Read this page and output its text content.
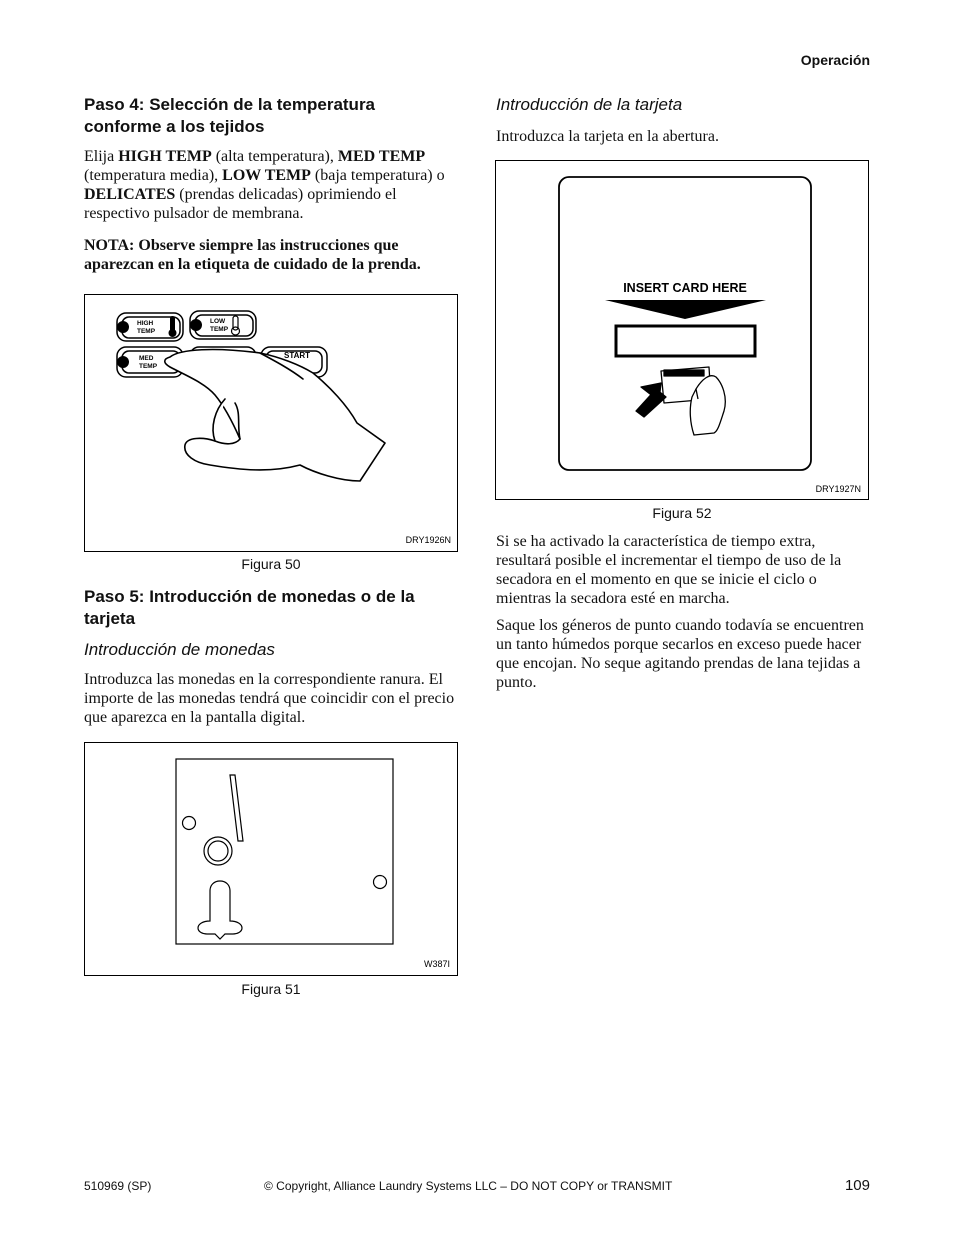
Operación
Paso 4: Selección de la temperatura conforme a los tejidos
Elija HIGH TEMP (alta temperatura), MED TEMP (temperatura media), LOW TEMP (baja temperatura) o DELICATES (prendas delicadas) oprimiendo el respectivo pulsador de membrana.
NOTA: Observe siempre las instrucciones que aparezcan en la etiqueta de cuidado de la prenda.
HIGH
TEMP
LOW
TEMP
MED
TEMP
START
DRY1926N
Figura 50
Paso 5: Introducción de monedas o de la tarjeta
Introducción de monedas
Introduzca las monedas en la correspondiente ranura. El importe de las monedas tendrá que coincidir con el precio que aparezca en la pantalla digital.
W387I
Figura 51
Introducción de la tarjeta
Introduzca la tarjeta en la abertura.
INSERT CARD HERE
DRY1927N
Figura 52
Si se ha activado la característica de tiempo extra, resultará posible el incrementar el tiempo de uso de la secadora en el momento en que se inicie el ciclo o mientras la secadora esté en marcha.
Saque los géneros de punto cuando todavía se encuentren un tanto húmedos porque secarlos en exceso puede hacer que encojan. No seque agitando prendas de lana tejidas a punto.
510969 (SP)	© Copyright, Alliance Laundry Systems LLC – DO NOT COPY or TRANSMIT	109
